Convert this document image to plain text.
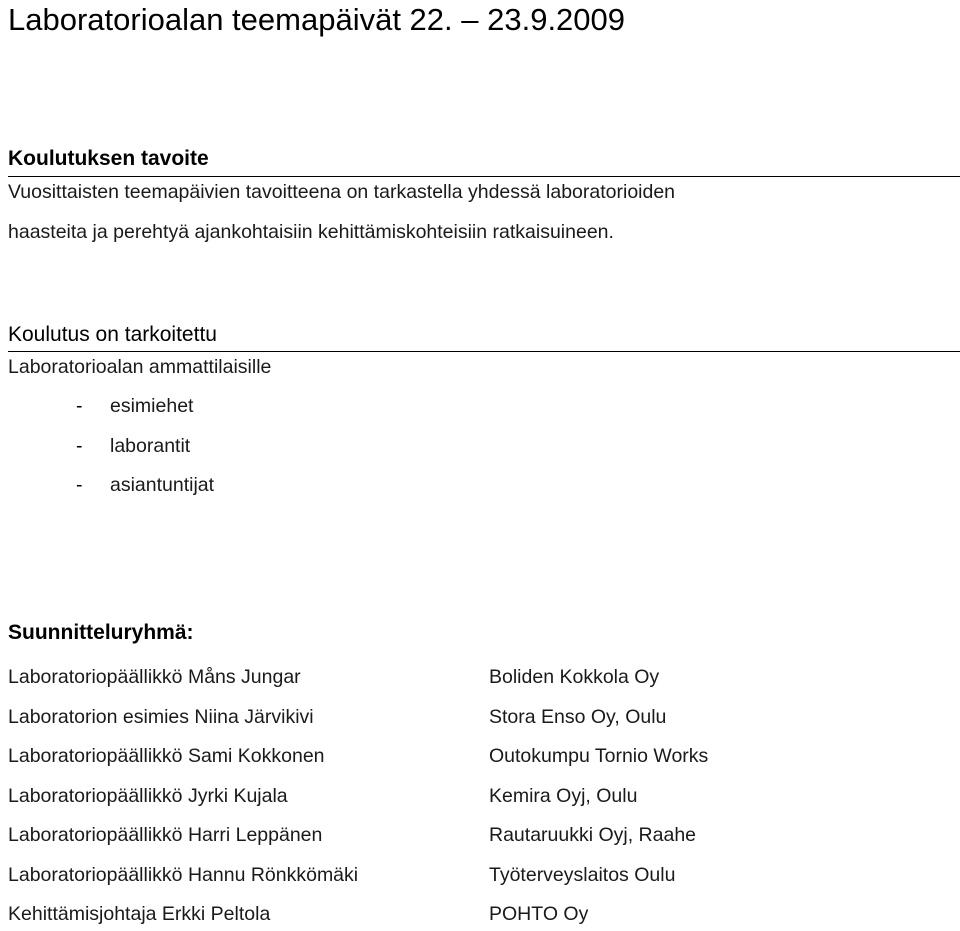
Laboratorioalan teemapäivät 22. – 23.9.2009
Koulutuksen tavoite
Vuosittaisten teemapäivien tavoitteena on tarkastella yhdessä laboratorioiden
haasteita ja perehtyä ajankohtaisiin kehittämiskohteisiin ratkaisuineen.
Koulutus on tarkoitettu
Laboratorioalan ammattilaisille
- esimiehet
- laborantit
- asiantuntijat
Suunnitteluryhmä:
Laboratoriopäällikkö Måns Jungar	Boliden Kokkola Oy
Laboratorion esimies Niina Järvikivi	Stora Enso Oy, Oulu
Laboratoriopäällikkö Sami Kokkonen	Outokumpu Tornio Works
Laboratoriopäällikkö Jyrki Kujala	Kemira Oyj, Oulu
Laboratoriopäällikkö Harri Leppänen	Rautaruukki Oyj, Raahe
Laboratoriopäällikkö Hannu Rönkkömäki	Työterveyslaitos Oulu
Kehittämisjohtaja Erkki Peltola	POHTO Oy
